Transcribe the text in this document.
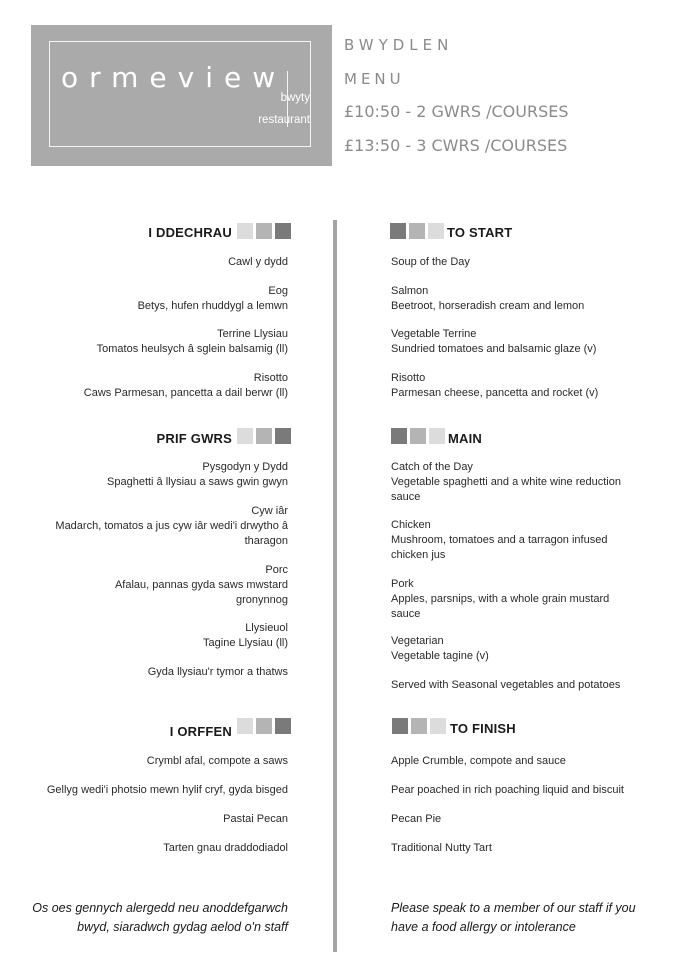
ormeview
bwyty
restaurant
BWYDLEN
MENU
£10:50 - 2 GWRS /COURSES
£13:50 - 3 CWRS /COURSES
I DDECHRAU
Cawl y dydd
Eog
Betys, hufen rhuddygl a lemwn
Terrine Llysiau
Tomatos heulsych â sglein balsamig (ll)
Risotto
Caws Parmesan, pancetta a dail berwr (ll)
PRIF GWRS
Pysgodyn y Dydd
Spaghetti â llysiau a saws gwin gwyn
Cyw iâr
Madarch, tomatos a jus cyw iâr wedi'i drwytho â
tharagon
Porc
Afalau, pannas gyda saws mwstard
gronynnog
Llysieuol
Tagine Llysiau (ll)
Gyda llysiau'r tymor a thatws
I ORFFEN
Crymbl afal, compote a saws
Gellyg wedi'i photsio mewn hylif cryf, gyda bisged
Pastai Pecan
Tarten gnau draddodiadol
Os oes gennych alergedd neu anoddefgarwch
bwyd, siaradwch gydag aelod o'n staff
TO START
Soup of the Day
Salmon
Beetroot, horseradish cream and lemon
Vegetable Terrine
Sundried tomatoes and balsamic glaze (v)
Risotto
Parmesan cheese, pancetta and rocket (v)
MAIN
Catch of the Day
Vegetable spaghetti and a white wine reduction
sauce
Chicken
Mushroom, tomatoes and a tarragon infused
chicken jus
Pork
Apples, parsnips, with a whole grain mustard
sauce
Vegetarian
Vegetable tagine (v)
Served with Seasonal vegetables and potatoes
TO FINISH
Apple Crumble, compote and sauce
Pear poached in rich poaching liquid and biscuit
Pecan Pie
Traditional Nutty Tart
Please speak to a member of our staff if you
have a food allergy or intolerance
